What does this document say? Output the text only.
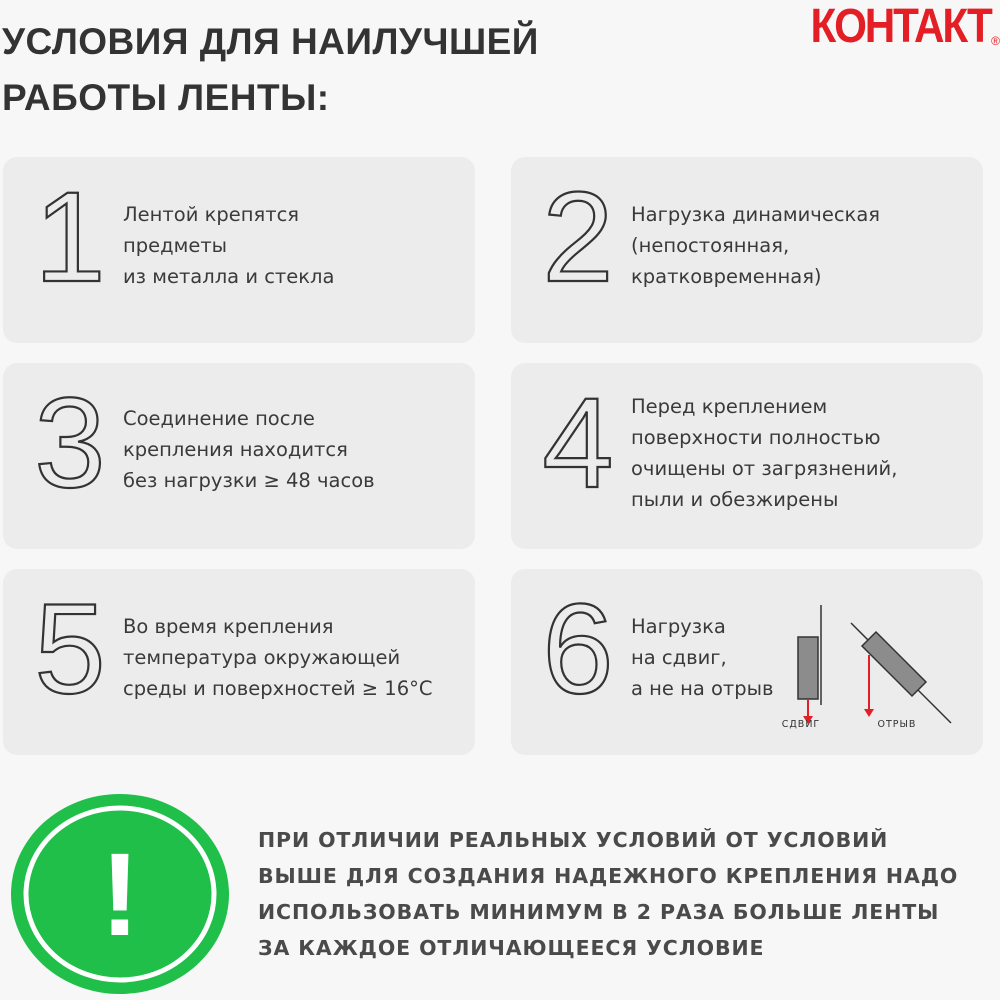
УСЛОВИЯ ДЛЯ НАИЛУЧШЕЙ
РАБОТЫ ЛЕНТЫ:
КОНТАКТ ®
1 Лентой крепятся
предметы
из металла и стекла 2 Нагрузка динамическая
(непостоянная,
кратковременная)
3 Соединение после
крепления находится
без нагрузки ≥ 48 часов 4 Перед креплением
поверхности полностью
очищены от загрязнений,
пыли и обезжирены
5 Во время крепления
температура окружающей
среды и поверхностей ≥ 16°С 6 Нагрузка
на сдвиг,
а не на отрыв
СДВИГ	ОТРЫВ
!	ПРИ ОТЛИЧИИ РЕАЛЬНЫХ УСЛОВИЙ ОТ УСЛОВИЙ
ВЫШЕ ДЛЯ СОЗДАНИЯ НАДЕЖНОГО КРЕПЛЕНИЯ НАДО
ИСПОЛЬЗОВАТЬ МИНИМУМ В 2 РАЗА БОЛЬШЕ ЛЕНТЫ
ЗА КАЖДОЕ ОТЛИЧАЮЩЕЕСЯ УСЛОВИЕ
